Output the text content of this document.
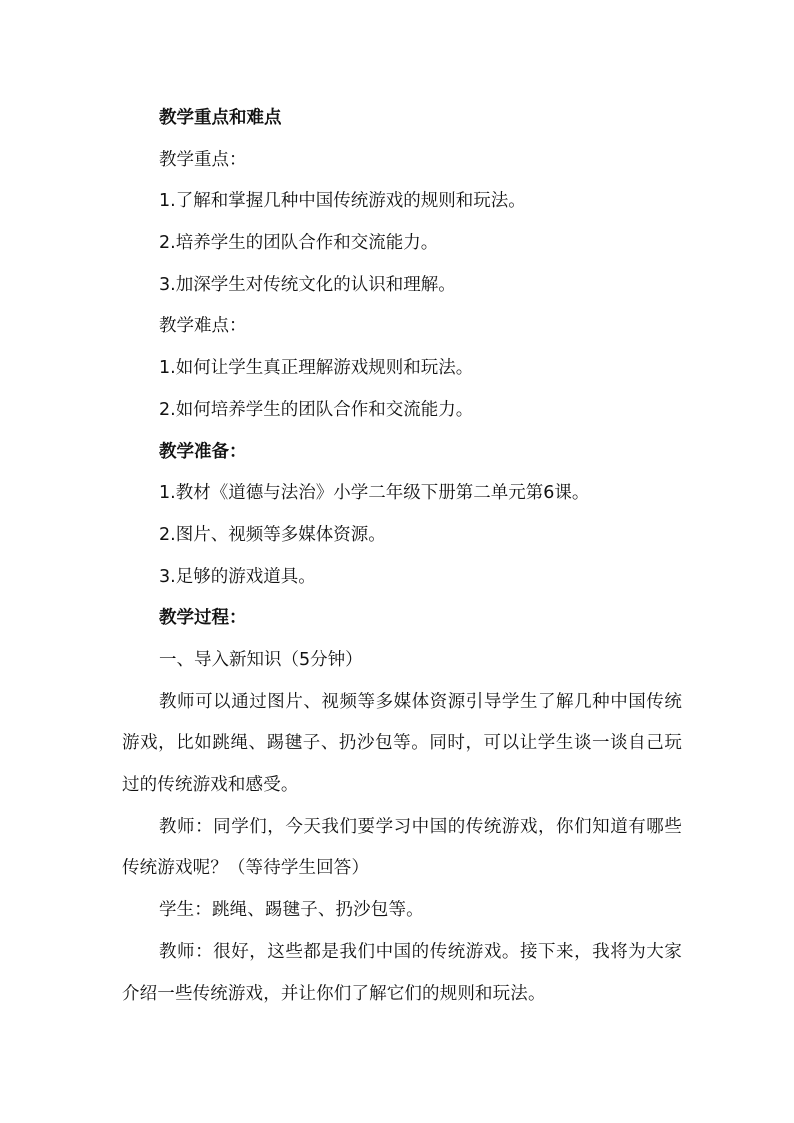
教学重点和难点

教学重点：

1.了解和掌握几种中国传统游戏的规则和玩法。

2.培养学生的团队合作和交流能力。

3.加深学生对传统文化的认识和理解。

教学难点：

1.如何让学生真正理解游戏规则和玩法。

2.如何培养学生的团队合作和交流能力。

教学准备：

1.教材《道德与法治》小学二年级下册第二单元第6课。

2.图片、视频等多媒体资源。

3.足够的游戏道具。

教学过程：

一、导入新知识（5分钟）

教师可以通过图片、视频等多媒体资源引导学生了解几种中国传统游戏，比如跳绳、踢毽子、扔沙包等。同时，可以让学生谈一谈自己玩过的传统游戏和感受。

教师：同学们，今天我们要学习中国的传统游戏，你们知道有哪些传统游戏呢？（等待学生回答）

学生：跳绳、踢毽子、扔沙包等。

教师：很好，这些都是我们中国的传统游戏。接下来，我将为大家介绍一些传统游戏，并让你们了解它们的规则和玩法。
